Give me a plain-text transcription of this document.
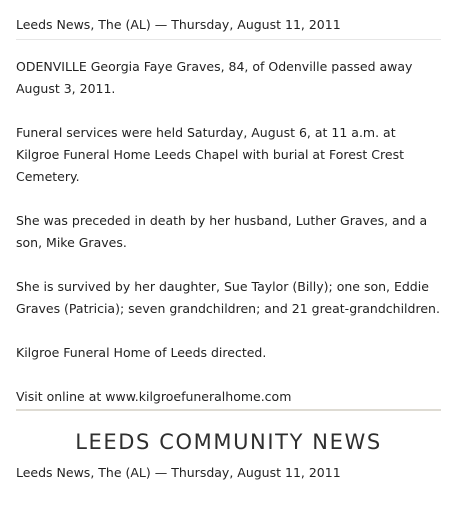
Leeds News, The (AL) — Thursday, August 11, 2011

ODENVILLE Georgia Faye Graves, 84, of Odenville passed away August 3, 2011.

Funeral services were held Saturday, August 6, at 11 a.m. at Kilgroe Funeral Home Leeds Chapel with burial at Forest Crest Cemetery.

She was preceded in death by her husband, Luther Graves, and a son, Mike Graves.

She is survived by her daughter, Sue Taylor (Billy); one son, Eddie Graves (Patricia); seven grandchildren; and 21 great-grandchildren.

Kilgroe Funeral Home of Leeds directed.

Visit online at www.kilgroefuneralhome.com

LEEDS COMMUNITY NEWS
Leeds News, The (AL) — Thursday, August 11, 2011
